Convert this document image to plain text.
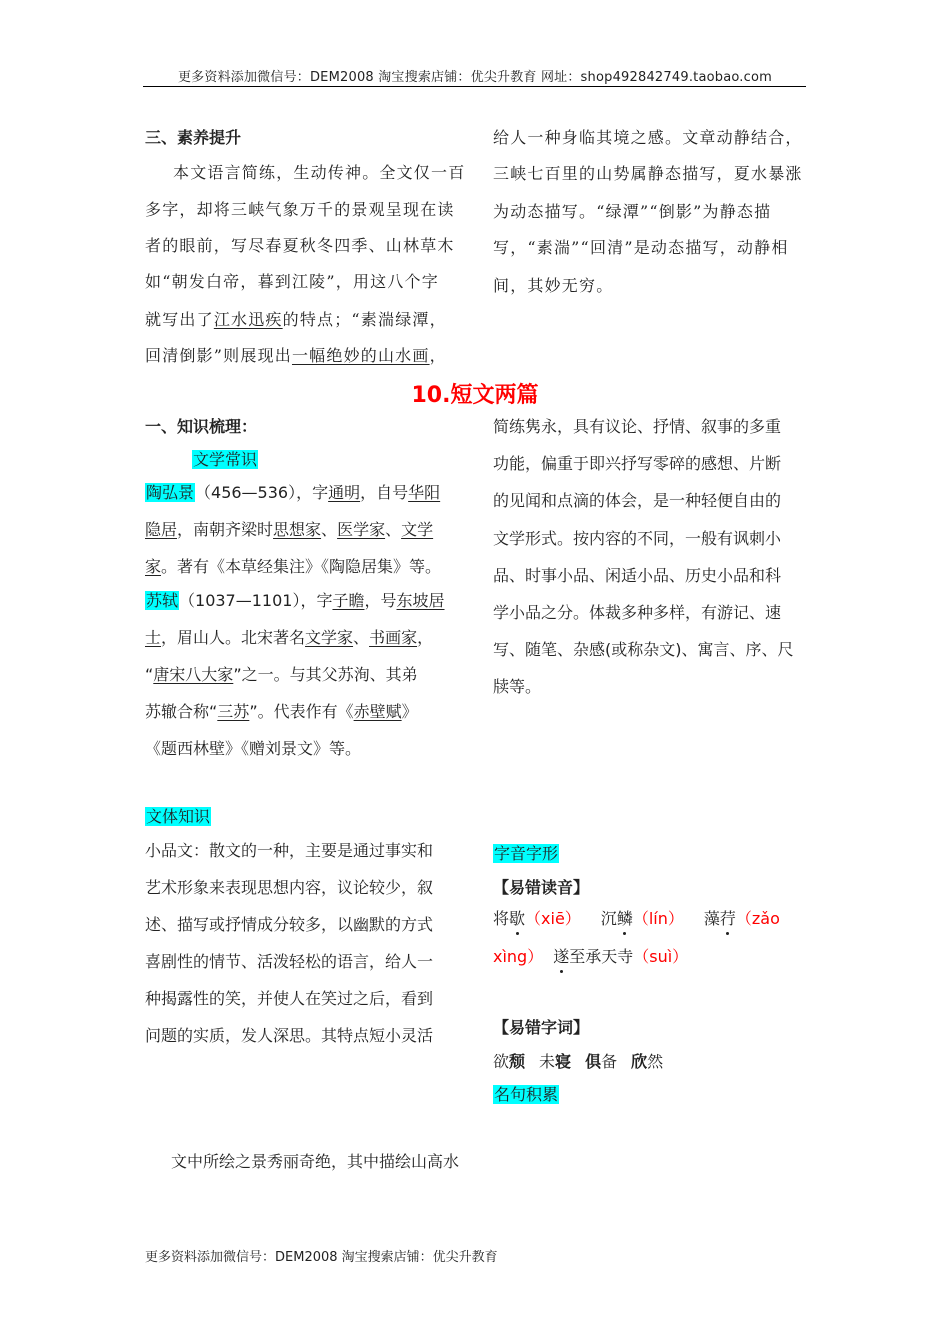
更多资料添加微信号：DEM2008 淘宝搜索店铺：优尖升教育 网址：shop492842749.taobao.com
三、素养提升
本文语言简练，生动传神。全文仅一百
多字，却将三峡气象万千的景观呈现在读
者的眼前，写尽春夏秋冬四季、山林草木
如“朝发白帝，暮到江陵”，用这八个字
就写出了江水迅疾的特点；“素湍绿潭，
回清倒影”则展现出一幅绝妙的山水画，
给人一种身临其境之感。文章动静结合，
三峡七百里的山势属静态描写，夏水暴涨
为动态描写。“绿潭”“倒影”为静态描
写，“素湍”“回清”是动态描写，动静相
间，其妙无穷。
10.短文两篇
一、知识梳理：
文学常识
陶弘景（456—536），字通明，自号华阳
隐居，南朝齐梁时思想家、医学家、文学
家。著有《本草经集注》《陶隐居集》等。
苏轼（1037—1101），字子瞻，号东坡居
士，眉山人。北宋著名文学家、书画家，
“唐宋八大家”之一。与其父苏洵、其弟
苏辙合称“三苏”。代表作有《赤壁赋》
《题西林壁》《赠刘景文》等。
简练隽永，具有议论、抒情、叙事的多重
功能，偏重于即兴抒写零碎的感想、片断
的见闻和点滴的体会，是一种轻便自由的
文学形式。按内容的不同，一般有讽刺小
品、时事小品、闲适小品、历史小品和科
学小品之分。体裁多种多样，有游记、速
写、随笔、杂感(或称杂文)、寓言、序、尺
牍等。
文体知识
小品文：散文的一种，主要是通过事实和
艺术形象来表现思想内容，议论较少，叙
述、描写或抒情成分较多，以幽默的方式
喜剧性的情节、活泼轻松的语言，给人一
种揭露性的笑，并使人在笑过之后，看到
问题的实质，发人深思。其特点短小灵活
字音字形
【易错读音】
将歇（xiē） 沉鳞（lín） 藻荇（zǎo
xìng） 遂至承天寺（suì）
【易错字词】
欲颓 未寝 俱备 欣然
名句积累
文中所绘之景秀丽奇绝，其中描绘山高水
更多资料添加微信号：DEM2008 淘宝搜索店铺：优尖升教育
